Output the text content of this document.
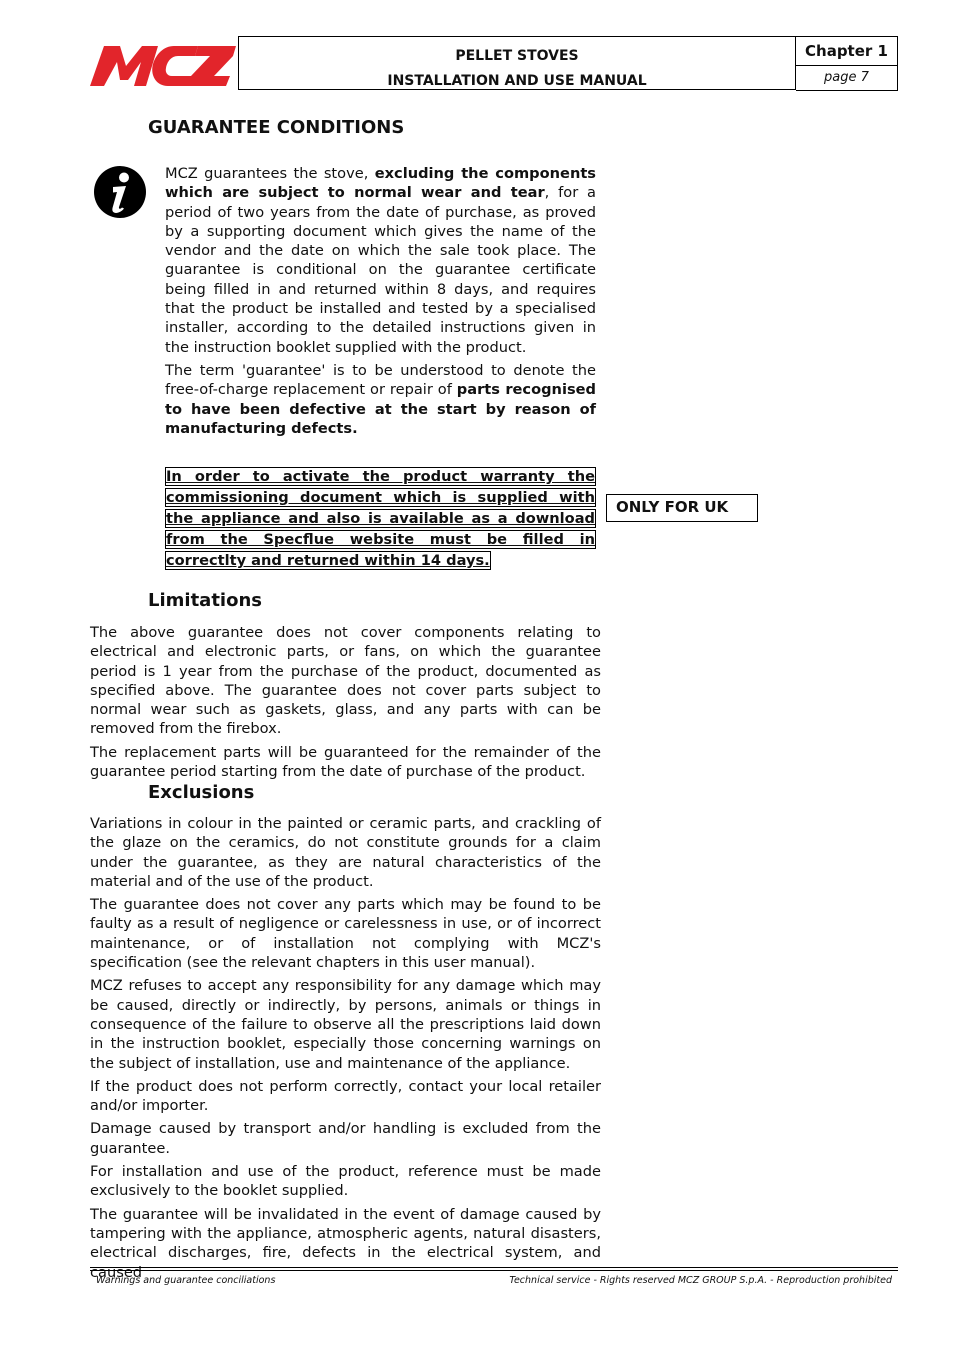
PELLET STOVES
INSTALLATION AND USE MANUAL
Chapter 1
page 7
GUARANTEE CONDITIONS

MCZ guarantees the stove, excluding the components which are subject to normal wear and tear, for a period of two years from the date of purchase, as proved by a supporting document which gives the name of the vendor and the date on which the sale took place. The guarantee is conditional on the guarantee certificate being filled in and returned within 8 days, and requires that the product be installed and tested by a specialised installer, according to the detailed instructions given in the instruction booklet supplied with the product.

The term 'guarantee' is to be understood to denote the free-of-charge replacement or repair of parts recognised to have been defective at the start by reason of manufacturing defects.

In order to activate the product warranty the commissioning document which is supplied with the appliance and also is available as a download from the Specflue website must be filled in correctlty and returned within 14 days.
ONLY FOR UK
Limitations

The above guarantee does not cover components relating to electrical and electronic parts, or fans, on which the guarantee period is 1 year from the purchase of the product, documented as specified above. The guarantee does not cover parts subject to normal wear such as gaskets, glass, and any parts with can be removed from the firebox.

The replacement parts will be guaranteed for the remainder of the guarantee period starting from the date of purchase of the product.

Exclusions

Variations in colour in the painted or ceramic parts, and crackling of the glaze on the ceramics, do not constitute grounds for a claim under the guarantee, as they are natural characteristics of the material and of the use of the product.

The guarantee does not cover any parts which may be found to be faulty as a result of negligence or carelessness in use, or of incorrect maintenance, or of installation not complying with MCZ's specification (see the relevant chapters in this user manual).

MCZ refuses to accept any responsibility for any damage which may be caused, directly or indirectly, by persons, animals or things in consequence of the failure to observe all the prescriptions laid down in the instruction booklet, especially those concerning warnings on the subject of installation, use and maintenance of the appliance.

If the product does not perform correctly, contact your local retailer and/or importer.

Damage caused by transport and/or handling is excluded from the guarantee.

For installation and use of the product, reference must be made exclusively to the booklet supplied.

The guarantee will be invalidated in the event of damage caused by tampering with the appliance, atmospheric agents, natural disasters, electrical discharges, fire, defects in the electrical system, and caused

Warnings and guarantee conciliations	Technical service - Rights reserved MCZ GROUP S.p.A. - Reproduction prohibited
